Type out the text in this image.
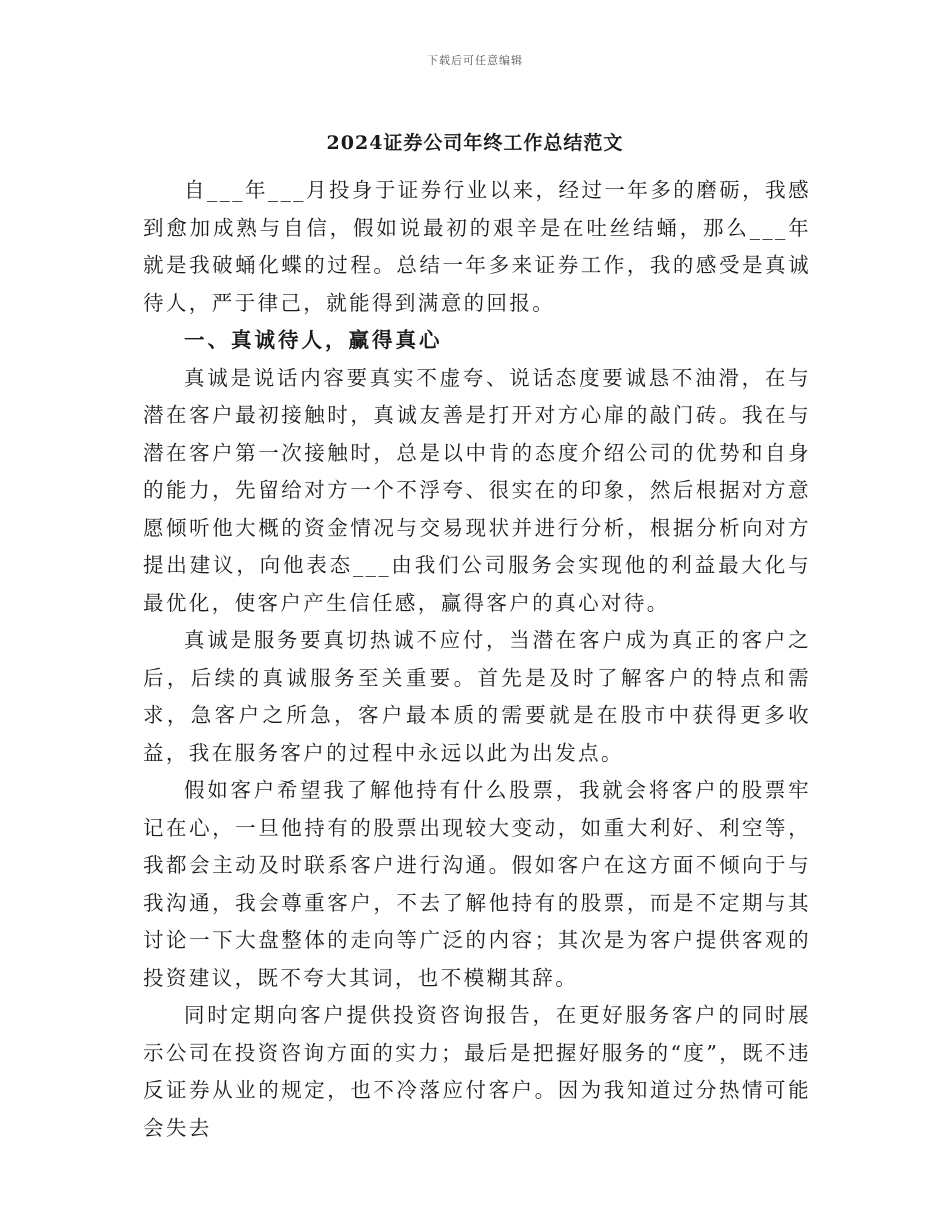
下载后可任意编辑
2024证券公司年终工作总结范文

自___年___月投身于证券行业以来，经过一年多的磨砺，我感到愈加成熟与自信，假如说最初的艰辛是在吐丝结蛹，那么___年就是我破蛹化蝶的过程。总结一年多来证券工作，我的感受是真诚待人，严于律己，就能得到满意的回报。

一、真诚待人，赢得真心

真诚是说话内容要真实不虚夸、说话态度要诚恳不油滑，在与潜在客户最初接触时，真诚友善是打开对方心扉的敲门砖。我在与潜在客户第一次接触时，总是以中肯的态度介绍公司的优势和自身的能力，先留给对方一个不浮夸、很实在的印象，然后根据对方意愿倾听他大概的资金情况与交易现状并进行分析，根据分析向对方提出建议，向他表态___由我们公司服务会实现他的利益最大化与最优化，使客户产生信任感，赢得客户的真心对待。

真诚是服务要真切热诚不应付，当潜在客户成为真正的客户之后，后续的真诚服务至关重要。首先是及时了解客户的特点和需求，急客户之所急，客户最本质的需要就是在股市中获得更多收益，我在服务客户的过程中永远以此为出发点。

假如客户希望我了解他持有什么股票，我就会将客户的股票牢记在心，一旦他持有的股票出现较大变动，如重大利好、利空等，我都会主动及时联系客户进行沟通。假如客户在这方面不倾向于与我沟通，我会尊重客户，不去了解他持有的股票，而是不定期与其讨论一下大盘整体的走向等广泛的内容；其次是为客户提供客观的投资建议，既不夸大其词，也不模糊其辞。

同时定期向客户提供投资咨询报告，在更好服务客户的同时展示公司在投资咨询方面的实力；最后是把握好服务的“度”，既不违反证券从业的规定，也不冷落应付客户。因为我知道过分热情可能会失去
